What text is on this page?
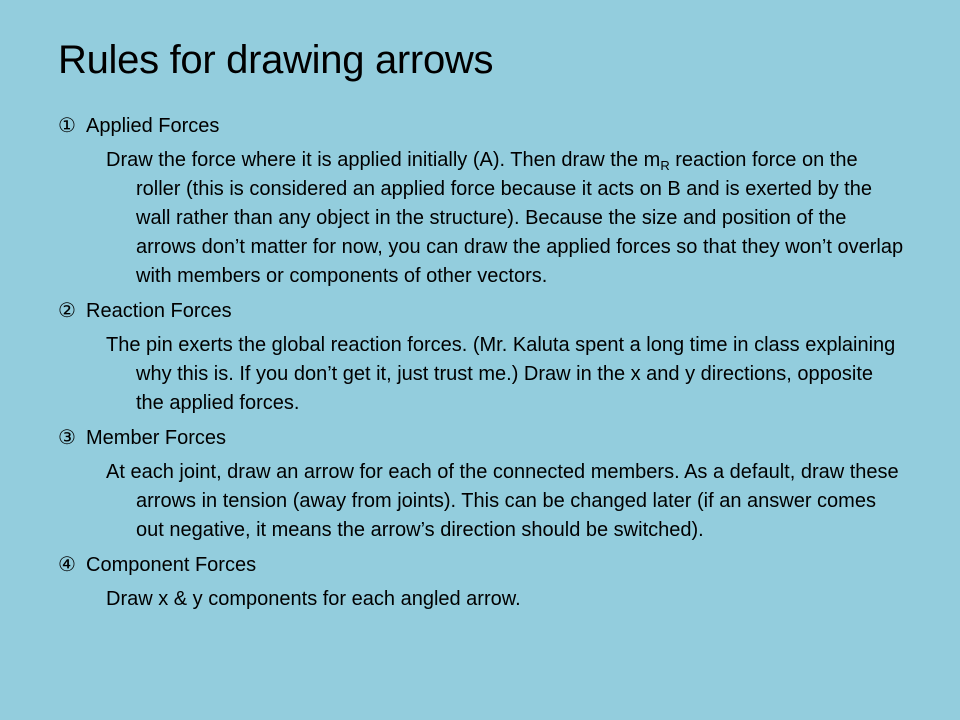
Rules for drawing arrows

① Applied Forces

Draw the force where it is applied initially (A). Then draw the $m_R$ reaction force on the roller (this is considered an applied force because it acts on B and is exerted by the wall rather than any object in the structure). Because the size and position of the arrows don’t matter for now, you can draw the applied forces so that they won’t overlap with members or components of other vectors.

② Reaction Forces

The pin exerts the global reaction forces. (Mr. Kaluta spent a long time in class explaining why this is. If you don’t get it, just trust me.) Draw in the x and y directions, opposite the applied forces.

③ Member Forces

At each joint, draw an arrow for each of the connected members. As a default, draw these arrows in tension (away from joints). This can be changed later (if an answer comes out negative, it means the arrow’s direction should be switched).

④ Component Forces

Draw x & y components for each angled arrow.
